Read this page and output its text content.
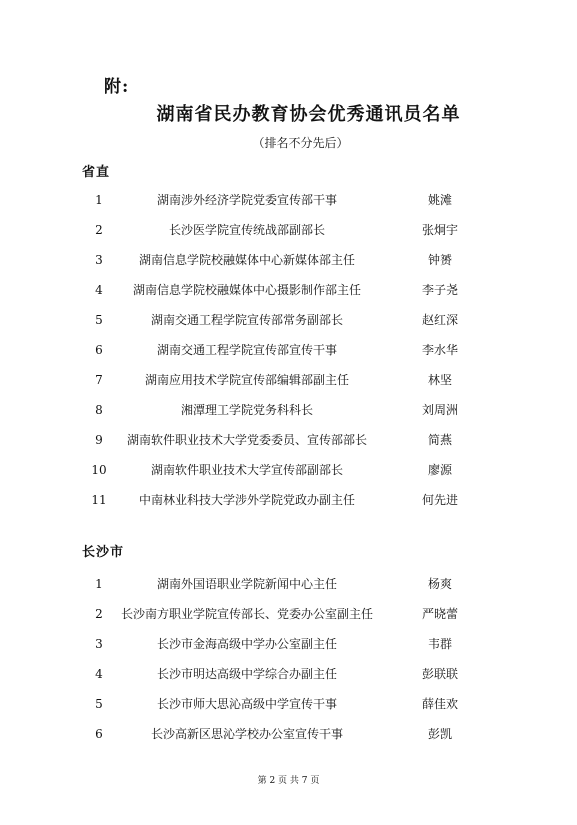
附:
湖南省民办教育协会优秀通讯员名单
（排名不分先后）
省直
1	湖南涉外经济学院党委宣传部干事	姚滩
2	长沙医学院宣传统战部副部长	张炯宇
3	湖南信息学院校融媒体中心新媒体部主任	钟赟
4	湖南信息学院校融媒体中心摄影制作部主任	李子尧
5	湖南交通工程学院宣传部常务副部长	赵红深
6	湖南交通工程学院宣传部宣传干事	李水华
7	湖南应用技术学院宣传部编辑部副主任	林坚
8	湘潭理工学院党务科科长	刘周洲
9	湖南软件职业技术大学党委委员、宣传部部长	简燕
10	湖南软件职业技术大学宣传部副部长	廖源
11	中南林业科技大学涉外学院党政办副主任	何先进
长沙市
1	湖南外国语职业学院新闻中心主任	杨爽
2	长沙南方职业学院宣传部长、党委办公室副主任	严晓蕾
3	长沙市金海高级中学办公室副主任	韦群
4	长沙市明达高级中学综合办副主任	彭联联
5	长沙市师大思沁高级中学宣传干事	薛佳欢
6	长沙高新区思沁学校办公室宣传干事	彭凯
第 2 页 共 7 页
